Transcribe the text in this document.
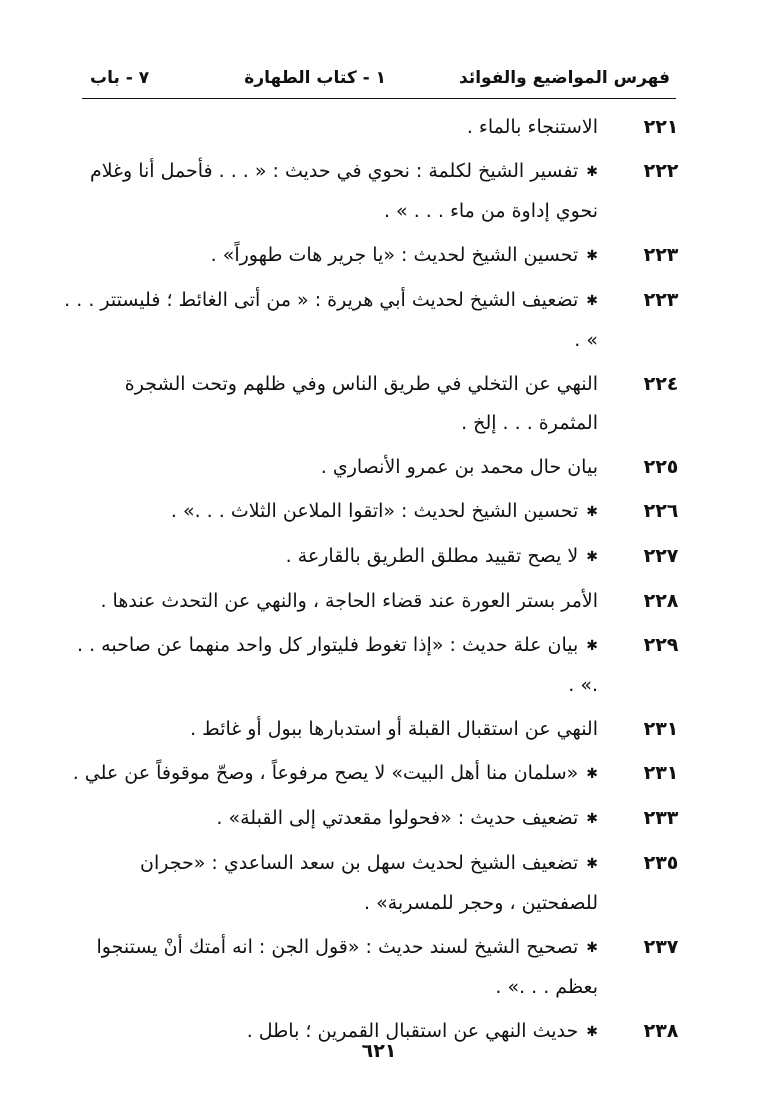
فهرس المواضيع والفوائد
١ - كتاب الطهارة
٧ - باب
٢٢١
الاستنجاء بالماء .
٢٢٢
✱تفسير الشيخ لكلمة : نحوي في حديث : « . . . فأحمل أنا وغلام نحوي إداوة من ماء . . . » .
٢٢٣
✱تحسين الشيخ لحديث : «يا جرير هات طهوراً» .
٢٢٣
✱تضعيف الشيخ لحديث أبي هريرة : « من أتى الغائط ؛ فليستتر . . . » .
٢٢٤
النهي عن التخلي في طريق الناس وفي ظلهم وتحت الشجرة المثمرة . . . إلخ .
٢٢٥
بيان حال محمد بن عمرو الأنصاري .
٢٢٦
✱تحسين الشيخ لحديث : «اتقوا الملاعن الثلاث . . .» .
٢٢٧
✱لا يصح تقييد مطلق الطريق بالقارعة .
٢٢٨
الأمر بستر العورة عند قضاء الحاجة ، والنهي عن التحدث عندها .
٢٢٩
✱بيان علة حديث : «إذا تغوط فليتوار كل واحد منهما عن صاحبه . . .» .
٢٣١
النهي عن استقبال القبلة أو استدبارها ببول أو غائط .
٢٣١
✱«سلمان منا أهل البيت» لا يصح مرفوعاً ، وصحّ موقوفاً عن علي .
٢٣٣
✱تضعيف حديث : «فحولوا مقعدتي إلى القبلة» .
٢٣٥
✱تضعيف الشيخ لحديث سهل بن سعد الساعدي : «حجران للصفحتين ، وحجر للمسربة» .
٢٣٧
✱تصحيح الشيخ لسند حديث : «قول الجن : انه أمتك أنْ يستنجوا بعظم . . .» .
٢٣٨
✱حديث النهي عن استقبال القمرين ؛ باطل .
٦٢١
